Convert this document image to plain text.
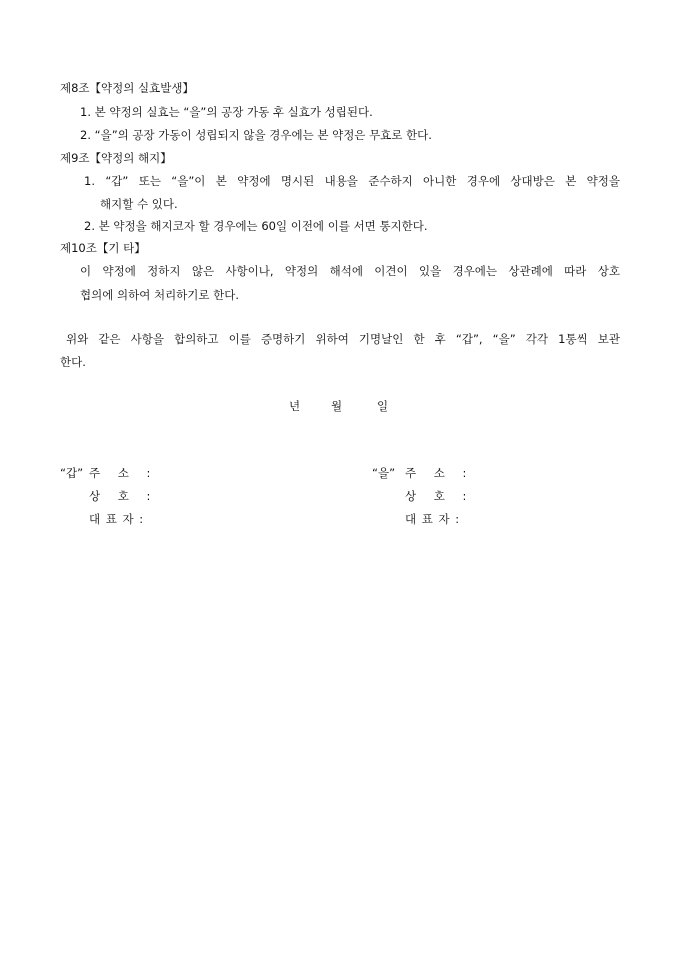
제8조【약정의 실효발생】
1. 본 약정의 실효는 “을”의 공장 가동 후 실효가 성립된다.
2. “을”의 공장 가동이 성립되지 않을 경우에는 본 약정은 무효로 한다.
제9조【약정의 해지】
1. “갑” 또는 “을”이 본 약정에 명시된 내용을 준수하지 아니한 경우에 상대방은 본 약정을
해지할 수 있다.
2. 본 약정을 해지코자 할 경우에는 60일 이전에 이를 서면 통지한다.
제10조【기 타】
이 약정에 정하지 않은 사항이나, 약정의 해석에 이견이 있을 경우에는 상관례에 따라 상호
협의에 의하여 처리하기로 한다.
위와 같은 사항을 합의하고 이를 증명하기 위하여 기명날인 한 후 “갑”, “을” 각각 1통씩 보관
한다.
년	월	일
“갑” 주 소 :
상 호 :
대 표 자 :
“을” 주 소 :
상 호 :
대 표 자 :
